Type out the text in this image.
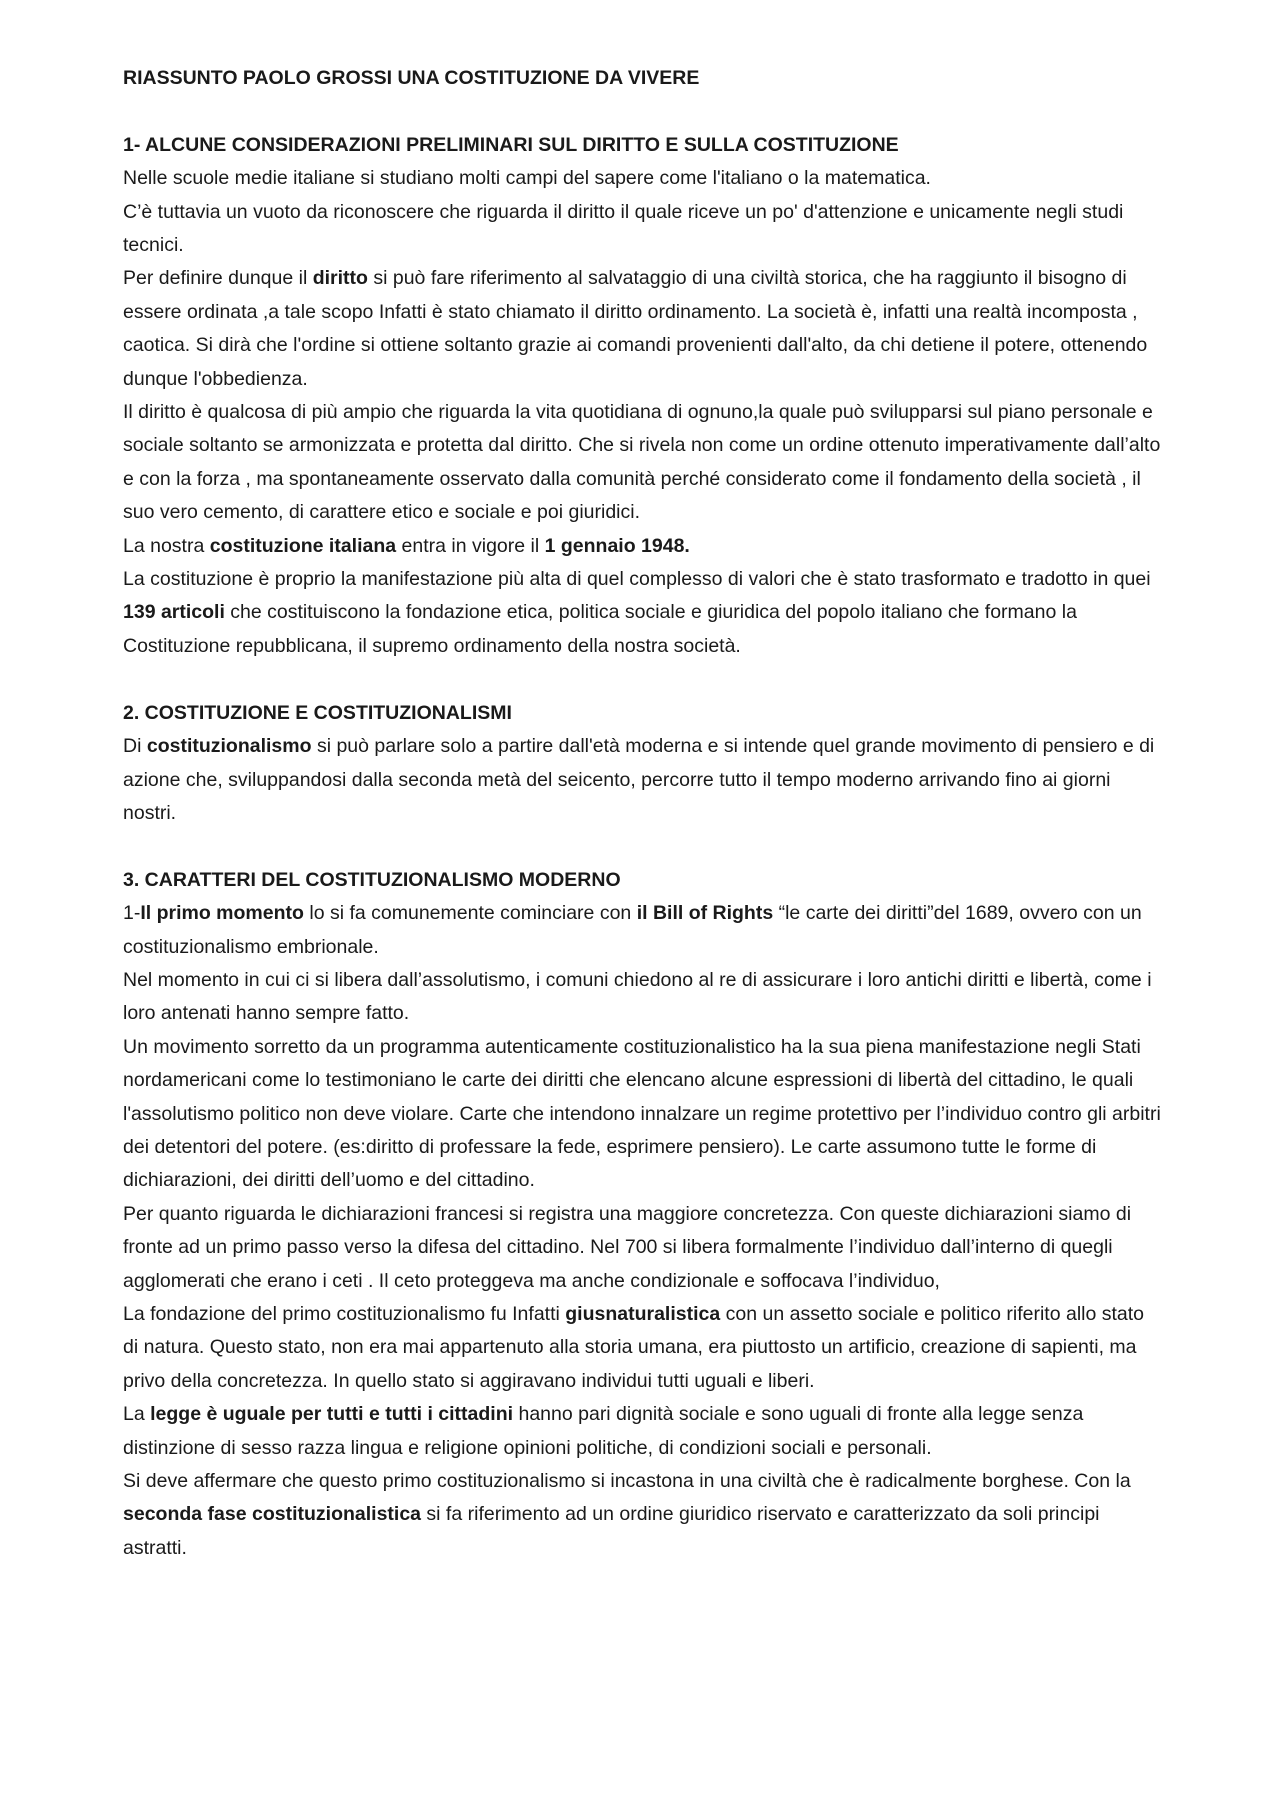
RIASSUNTO PAOLO GROSSI UNA COSTITUZIONE DA VIVERE
1- ALCUNE CONSIDERAZIONI PRELIMINARI SUL DIRITTO E SULLA COSTITUZIONE

Nelle scuole medie italiane si studiano molti campi del sapere come l'italiano o la matematica.

C’è tuttavia un vuoto da riconoscere che riguarda il diritto il quale riceve un po' d'attenzione e unicamente negli studi tecnici.

Per definire dunque il diritto si può fare riferimento al salvataggio di una civiltà storica, che ha raggiunto il bisogno di essere ordinata ,a tale scopo Infatti è stato chiamato il diritto ordinamento. La società è, infatti una realtà incomposta , caotica. Si dirà che l'ordine si ottiene soltanto grazie ai comandi provenienti dall'alto, da chi detiene il potere, ottenendo dunque l'obbedienza.

Il diritto è qualcosa di più ampio che riguarda la vita quotidiana di ognuno,la quale può svilupparsi sul piano personale e sociale soltanto se armonizzata e protetta dal diritto. Che si rivela non come un ordine ottenuto imperativamente dall’alto e con la forza , ma spontaneamente osservato dalla comunità perché considerato come il fondamento della società , il suo vero cemento, di carattere etico e sociale e poi giuridici.

La nostra costituzione italiana entra in vigore il 1 gennaio 1948.

La costituzione è proprio la manifestazione più alta di quel complesso di valori che è stato trasformato e tradotto in quei 139 articoli che costituiscono la fondazione etica, politica sociale e giuridica del popolo italiano che formano la Costituzione repubblicana, il supremo ordinamento della nostra società.

2. COSTITUZIONE E COSTITUZIONALISMI

Di costituzionalismo si può parlare solo a partire dall'età moderna e si intende quel grande movimento di pensiero e di azione che, sviluppandosi dalla seconda metà del seicento, percorre tutto il tempo moderno arrivando fino ai giorni nostri.

3. CARATTERI DEL COSTITUZIONALISMO MODERNO

1-Il primo momento lo si fa comunemente cominciare con il Bill of Rights “le carte dei diritti”del 1689, ovvero con un costituzionalismo embrionale.

Nel momento in cui ci si libera dall’assolutismo, i comuni chiedono al re di assicurare i loro antichi diritti e libertà, come i loro antenati hanno sempre fatto.

Un movimento sorretto da un programma autenticamente costituzionalistico ha la sua piena manifestazione negli Stati nordamericani come lo testimoniano le carte dei diritti che elencano alcune espressioni di libertà del cittadino, le quali l'assolutismo politico non deve violare. Carte che intendono innalzare un regime protettivo per l’individuo contro gli arbitri dei detentori del potere. (es:diritto di professare la fede, esprimere pensiero). Le carte assumono tutte le forme di dichiarazioni, dei diritti dell’uomo e del cittadino.

Per quanto riguarda le dichiarazioni francesi si registra una maggiore concretezza. Con queste dichiarazioni siamo di fronte ad un primo passo verso la difesa del cittadino. Nel 700 si libera formalmente l’individuo dall’interno di quegli agglomerati che erano i ceti . Il ceto proteggeva ma anche condizionale e soffocava l’individuo,

La fondazione del primo costituzionalismo fu Infatti giusnaturalistica con un assetto sociale e politico riferito allo stato di natura. Questo stato, non era mai appartenuto alla storia umana, era piuttosto un artificio, creazione di sapienti, ma privo della concretezza. In quello stato si aggiravano individui tutti uguali e liberi.

La legge è uguale per tutti e tutti i cittadini hanno pari dignità sociale e sono uguali di fronte alla legge senza distinzione di sesso razza lingua e religione opinioni politiche, di condizioni sociali e personali.

Si deve affermare che questo primo costituzionalismo si incastona in una civiltà che è radicalmente borghese. Con la seconda fase costituzionalistica si fa riferimento ad un ordine giuridico riservato e caratterizzato da soli principi astratti.
